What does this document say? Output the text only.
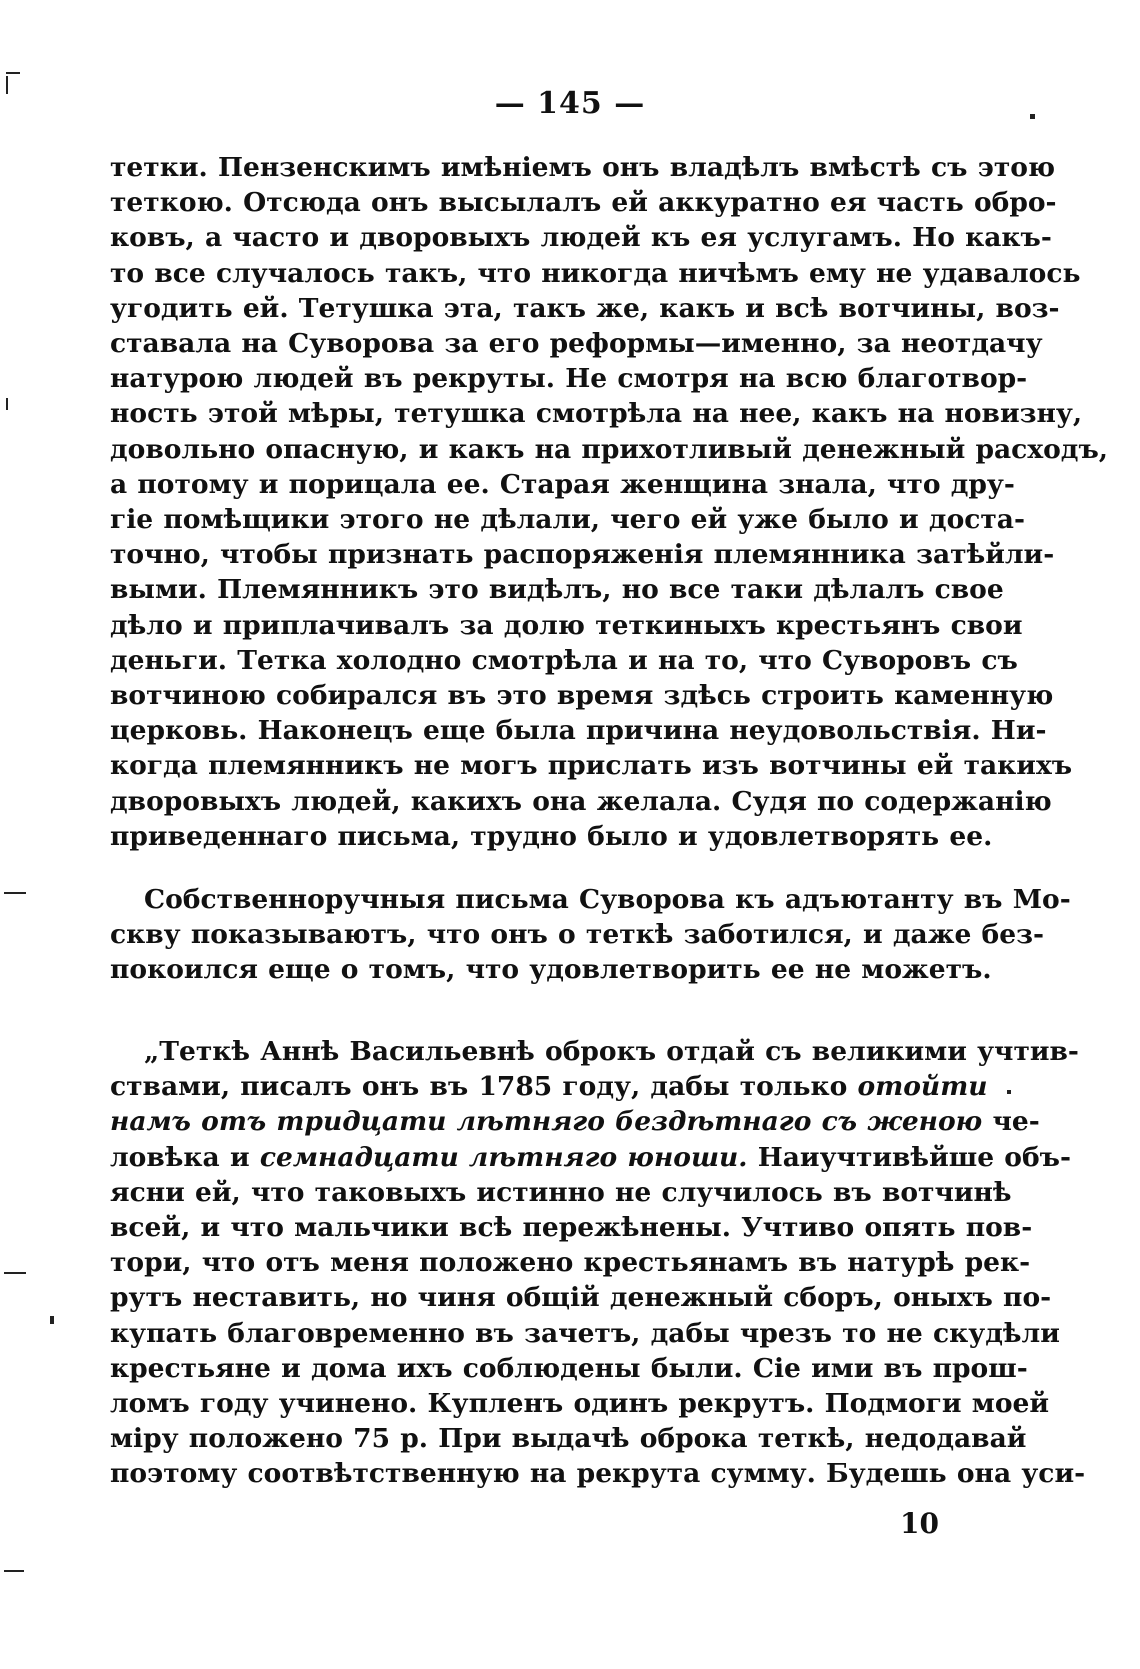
— 145 —
тетки. Пензенскимъ имѣніемъ онъ владѣлъ вмѣстѣ съ этою
теткою. Отсюда онъ высылалъ ей аккуратно ея часть обро-
ковъ, а часто и дворовыхъ людей къ ея услугамъ. Но какъ-
то все случалось такъ, что никогда ничѣмъ ему не удавалось
угодить ей. Тетушка эта, такъ же, какъ и всѣ вотчины, воз-
ставала на Суворова за его реформы—именно, за неотдачу
натурою людей въ рекруты. Не смотря на всю благотвор-
ность этой мѣры, тетушка смотрѣла на нее, какъ на новизну,
довольно опасную, и какъ на прихотливый денежный расходъ,
а потому и порицала ее. Старая женщина знала, что дру-
гіе помѣщики этого не дѣлали, чего ей уже было и доста-
точно, чтобы признать распоряженія племянника затѣйли-
выми. Племянникъ это видѣлъ, но все таки дѣлалъ свое
дѣло и приплачивалъ за долю теткиныхъ крестьянъ свои
деньги. Тетка холодно смотрѣла и на то, что Суворовъ съ
вотчиною собирался въ это время здѣсь строить каменную
церковь. Наконецъ еще была причина неудовольствія. Ни-
когда племянникъ не могъ прислать изъ вотчины ей такихъ
дворовыхъ людей, какихъ она желала. Судя по содержанію
приведеннаго письма, трудно было и удовлетворять ее.
Собственноручныя письма Суворова къ адъютанту въ Мо-
скву показываютъ, что онъ о теткѣ заботился, и даже без-
покоился еще о томъ, что удовлетворить ее не можетъ.
„Теткѣ Аннѣ Васильевнѣ оброкъ отдай съ великими учтив-
ствами, писалъ онъ въ 1785 году, дабы только отойти
намъ отъ тридцати лѣтняго бездѣтнаго съ женою че-
ловѣка и семнадцати лѣтняго юноши. Наиучтивѣйше объ-
ясни ей, что таковыхъ истинно не случилось въ вотчинѣ
всей, и что мальчики всѣ пережѣнены. Учтиво опять пов-
тори, что отъ меня положено крестьянамъ въ натурѣ рек-
рутъ неставить, но чиня общій денежный сборъ, оныхъ по-
купать благовременно въ зачетъ, дабы чрезъ то не скудѣли
крестьяне и дома ихъ соблюдены были. Сіе ими въ прош-
ломъ году учинено. Купленъ одинъ рекрутъ. Подмоги моей
міру положено 75 р. При выдачѣ оброка теткѣ, недодавай
поэтому соотвѣтственную на рекрута сумму. Будешь она уси-
10
